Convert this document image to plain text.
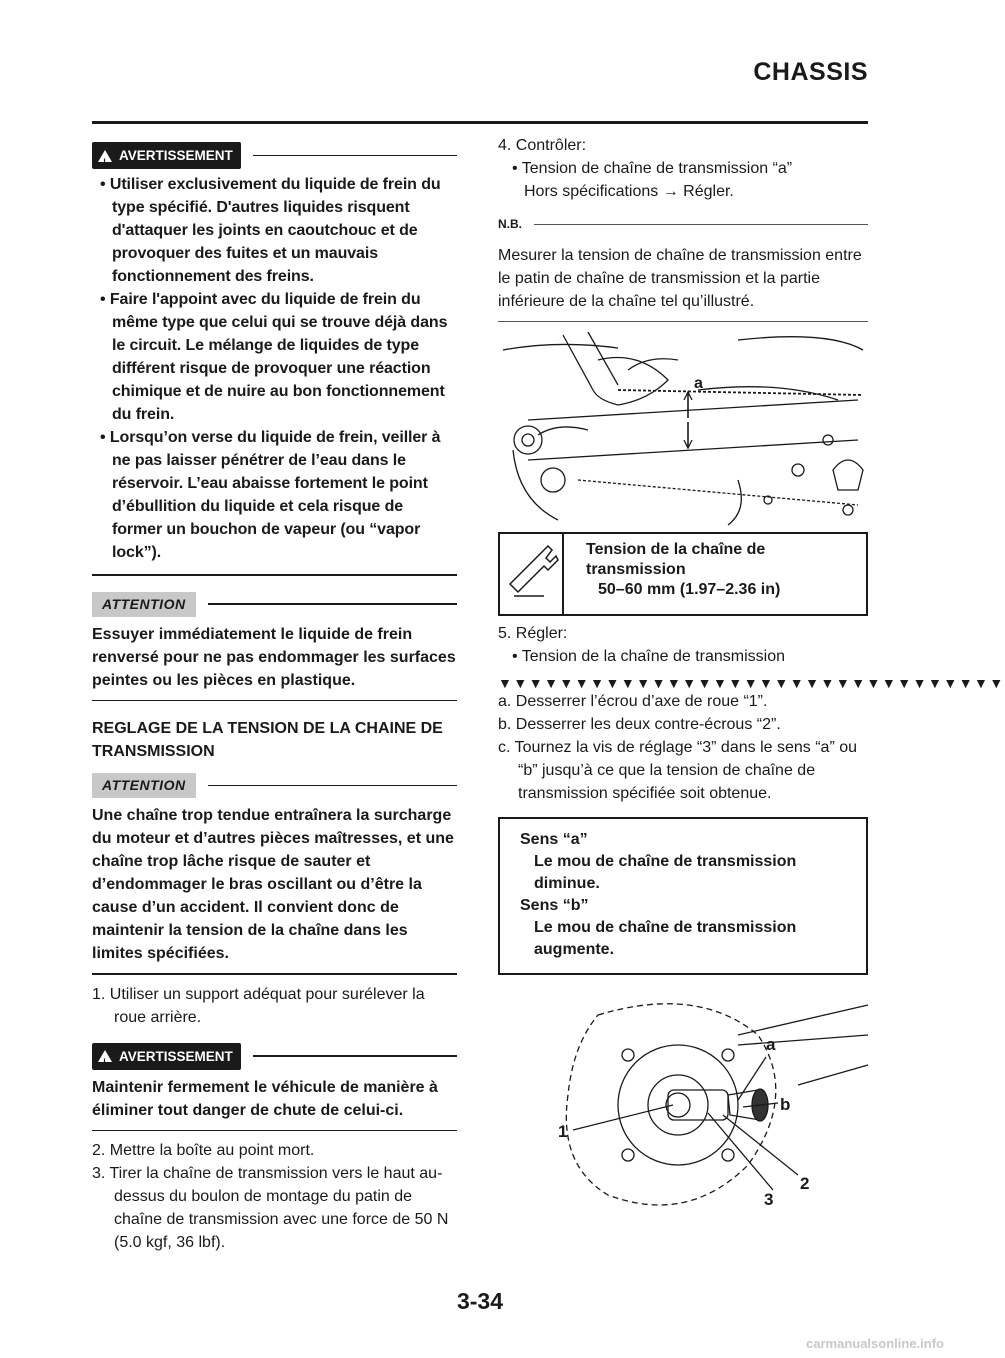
CHASSIS
! AVERTISSEMENT
• Utiliser exclusivement du liquide de frein du type spécifié. D'autres liquides risquent d'attaquer les joints en caoutchouc et de provoquer des fuites et un mauvais fonctionnement des freins.
• Faire l'appoint avec du liquide de frein du même type que celui qui se trouve déjà dans le circuit. Le mélange de liquides de type différent risque de provoquer une réaction chimique et de nuire au bon fonctionnement du frein.
• Lorsqu’on verse du liquide de frein, veiller à ne pas laisser pénétrer de l’eau dans le réservoir. L’eau abaisse fortement le point d’ébullition du liquide et cela risque de former un bouchon de vapeur (ou “vapor lock”).
ATTENTION
Essuyer immédiatement le liquide de frein renversé pour ne pas endommager les surfaces peintes ou les pièces en plastique.
REGLAGE DE LA TENSION DE LA CHAINE DE TRANSMISSION
ATTENTION
Une chaîne trop tendue entraînera la surcharge du moteur et d’autres pièces maîtresses, et une chaîne trop lâche risque de sauter et d’endommager le bras oscillant ou d’être la cause d’un accident. Il convient donc de maintenir la tension de la chaîne dans les limites spécifiées.
1. Utiliser un support adéquat pour surélever la roue arrière.
! AVERTISSEMENT
Maintenir fermement le véhicule de manière à éliminer tout danger de chute de celui-ci.
2. Mettre la boîte au point mort.
3. Tirer la chaîne de transmission vers le haut au-dessus du boulon de montage du patin de chaîne de transmission avec une force de 50 N (5.0 kgf, 36 lbf).
4. Contrôler:
• Tension de chaîne de transmission “a”
Hors spécifications → Régler.
N.B.
Mesurer la tension de chaîne de transmission entre le patin de chaîne de transmission et la partie inférieure de la chaîne tel qu’illustré.
a
Tension de la chaîne de transmission
50–60 mm (1.97–2.36 in)
5. Régler:
• Tension de la chaîne de transmission
▼▼▼▼▼▼▼▼▼▼▼▼▼▼▼▼▼▼▼▼▼▼▼▼▼▼▼▼▼▼▼▼▼
a. Desserrer l’écrou d’axe de roue “1”.
b. Desserrer les deux contre-écrous “2”.
c. Tournez la vis de réglage “3” dans le sens “a” ou “b” jusqu’à ce que la tension de chaîne de transmission spécifiée soit obtenue.
Sens “a”
Le mou de chaîne de transmission diminue.
Sens “b”
Le mou de chaîne de transmission augmente.
a
b
1
2
3
3-34
carmanualsonline.info
